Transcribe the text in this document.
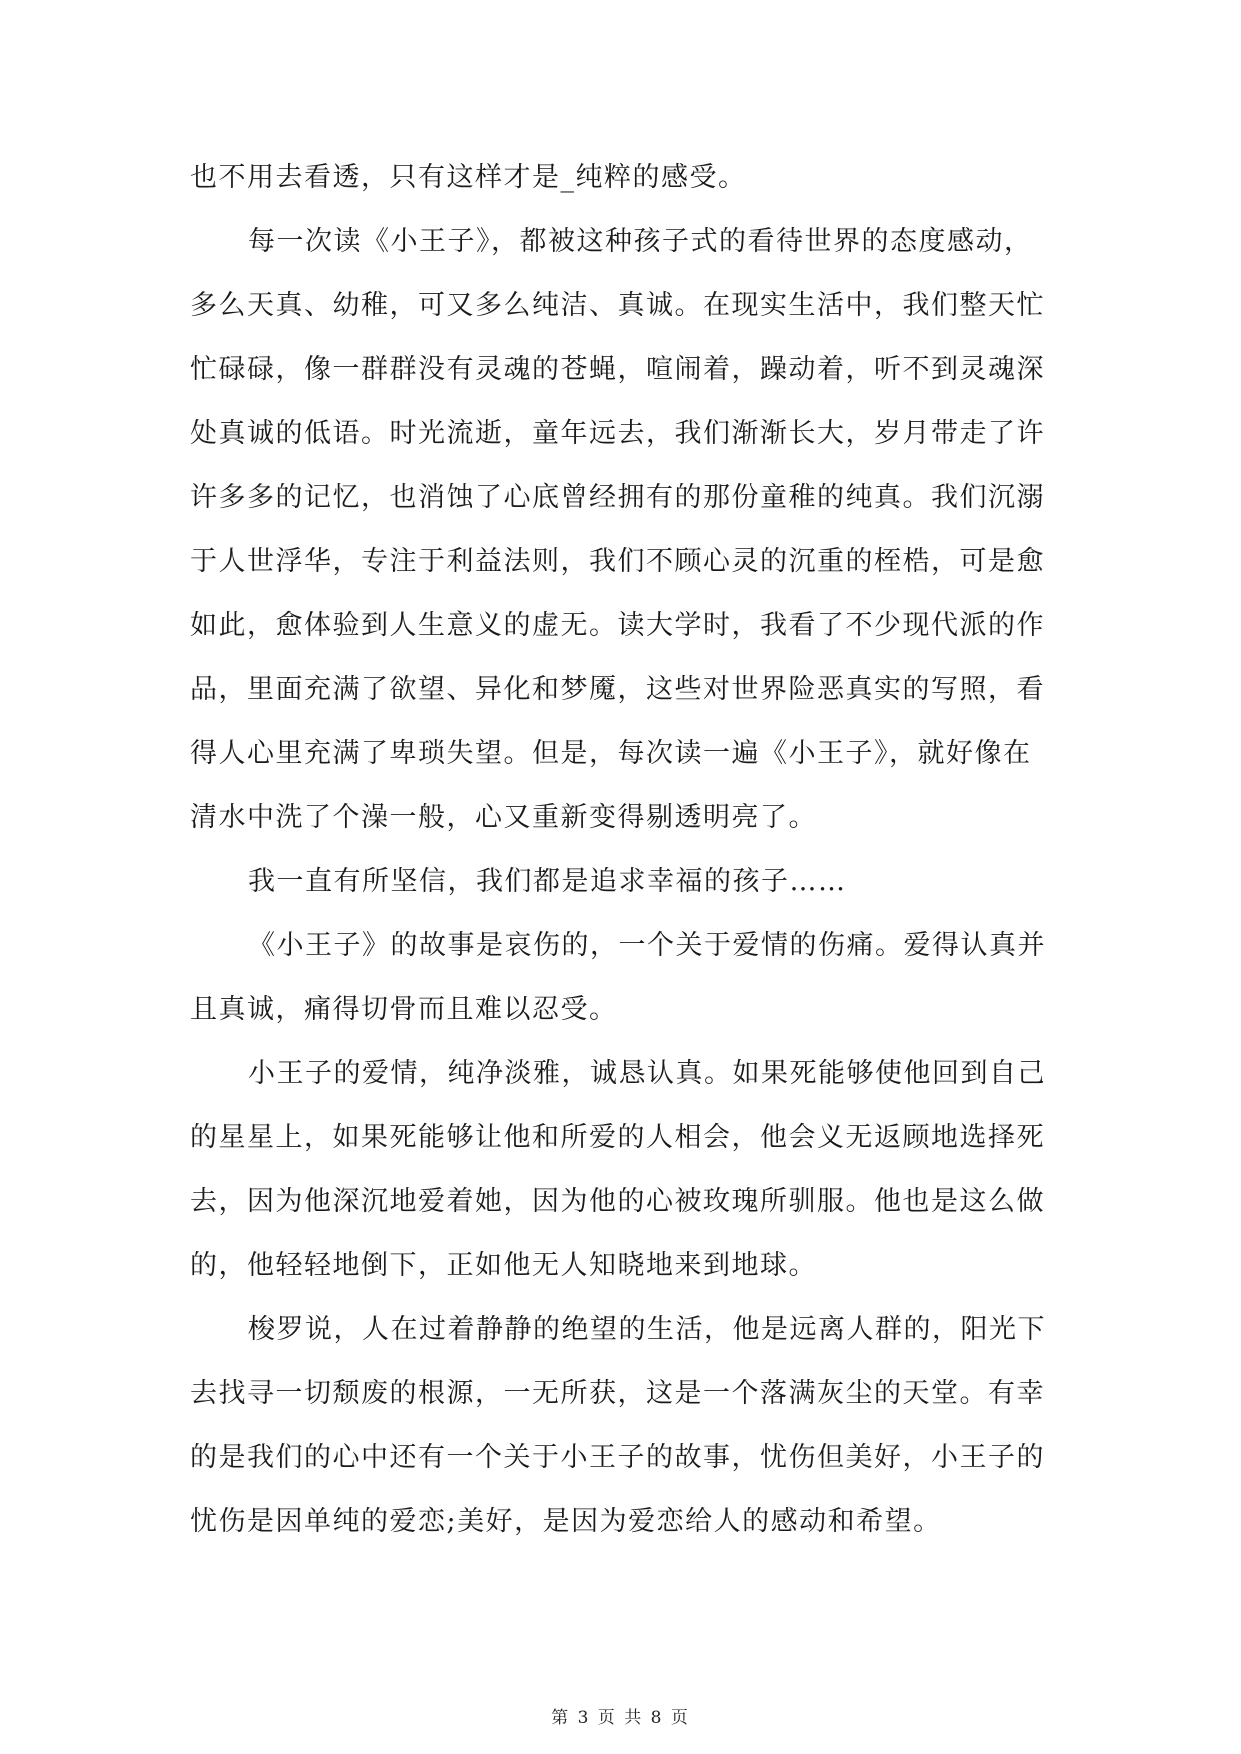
也不用去看透，只有这样才是_纯粹的感受。
每一次读《小王子》，都被这种孩子式的看待世界的态度感动，
多么天真、幼稚，可又多么纯洁、真诚。在现实生活中，我们整天忙
忙碌碌，像一群群没有灵魂的苍蝇，喧闹着，躁动着，听不到灵魂深
处真诚的低语。时光流逝，童年远去，我们渐渐长大，岁月带走了许
许多多的记忆，也消蚀了心底曾经拥有的那份童稚的纯真。我们沉溺
于人世浮华，专注于利益法则，我们不顾心灵的沉重的桎梏，可是愈
如此，愈体验到人生意义的虚无。读大学时，我看了不少现代派的作
品，里面充满了欲望、异化和梦魇，这些对世界险恶真实的写照，看
得人心里充满了卑琐失望。但是，每次读一遍《小王子》，就好像在
清水中洗了个澡一般，心又重新变得剔透明亮了。
我一直有所坚信，我们都是追求幸福的孩子……
《小王子》的故事是哀伤的，一个关于爱情的伤痛。爱得认真并
且真诚，痛得切骨而且难以忍受。
小王子的爱情，纯净淡雅，诚恳认真。如果死能够使他回到自己
的星星上，如果死能够让他和所爱的人相会，他会义无返顾地选择死
去，因为他深沉地爱着她，因为他的心被玫瑰所驯服。他也是这么做
的，他轻轻地倒下，正如他无人知晓地来到地球。
梭罗说，人在过着静静的绝望的生活，他是远离人群的，阳光下
去找寻一切颓废的根源，一无所获，这是一个落满灰尘的天堂。有幸
的是我们的心中还有一个关于小王子的故事，忧伤但美好，小王子的
忧伤是因单纯的爱恋;美好，是因为爱恋给人的感动和希望。
第 3 页 共 8 页
